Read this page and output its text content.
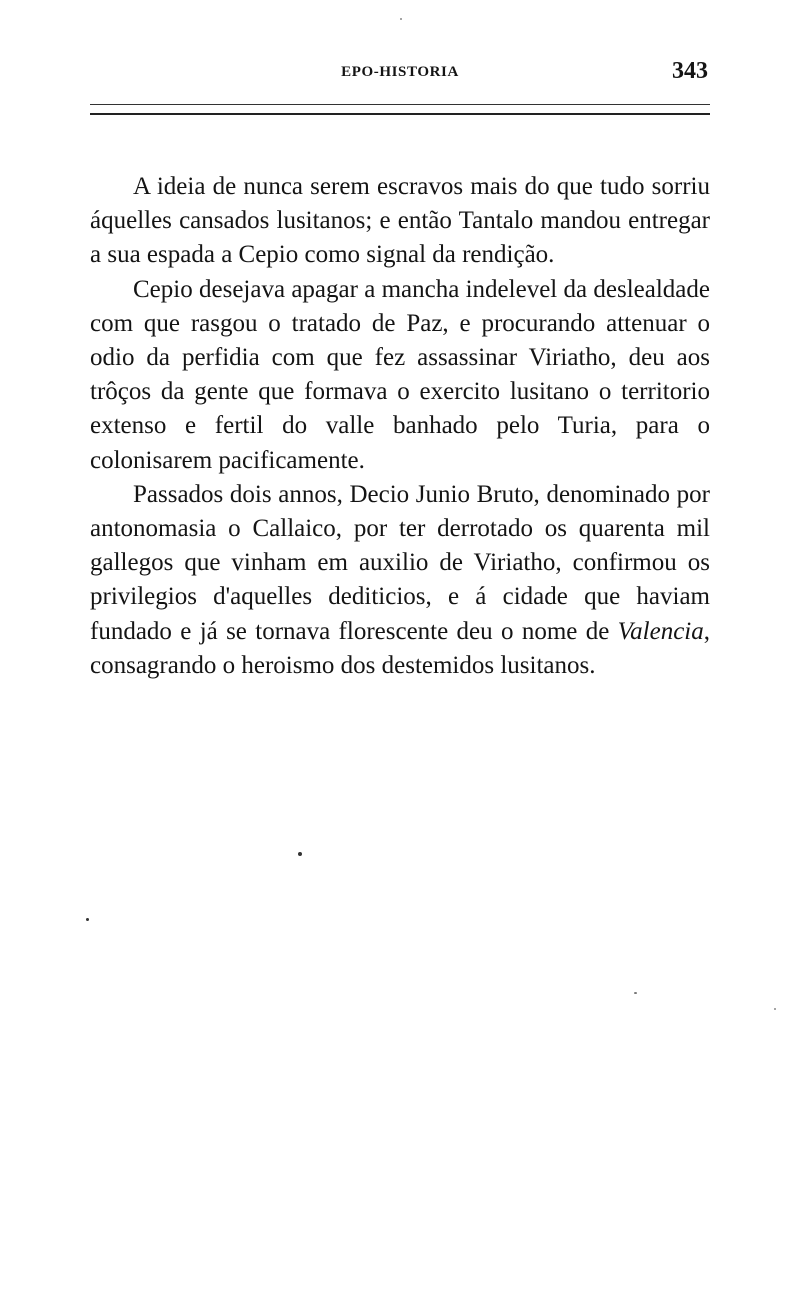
EPO-HISTORIA	343

A ideia de nunca serem escravos mais do que tudo sorriu áquelles cansados lusitanos; e então Tantalo mandou entregar a sua espada a Cepio como signal da rendição.

Cepio desejava apagar a mancha indelevel da deslealdade com que rasgou o tratado de Paz, e procurando attenuar o odio da perfidia com que fez assassinar Viriatho, deu aos trôços da gente que formava o exercito lusitano o territorio extenso e fertil do valle banhado pelo Turia, para o colonisarem pacificamente.

Passados dois annos, Decio Junio Bruto, denominado por antonomasia o Callaico, por ter derrotado os quarenta mil gallegos que vinham em auxilio de Viriatho, confirmou os privilegios d'aquelles dediticios, e á cidade que haviam fundado e já se tornava florescente deu o nome de Valencia, consagrando o heroismo dos destemidos lusitanos.
